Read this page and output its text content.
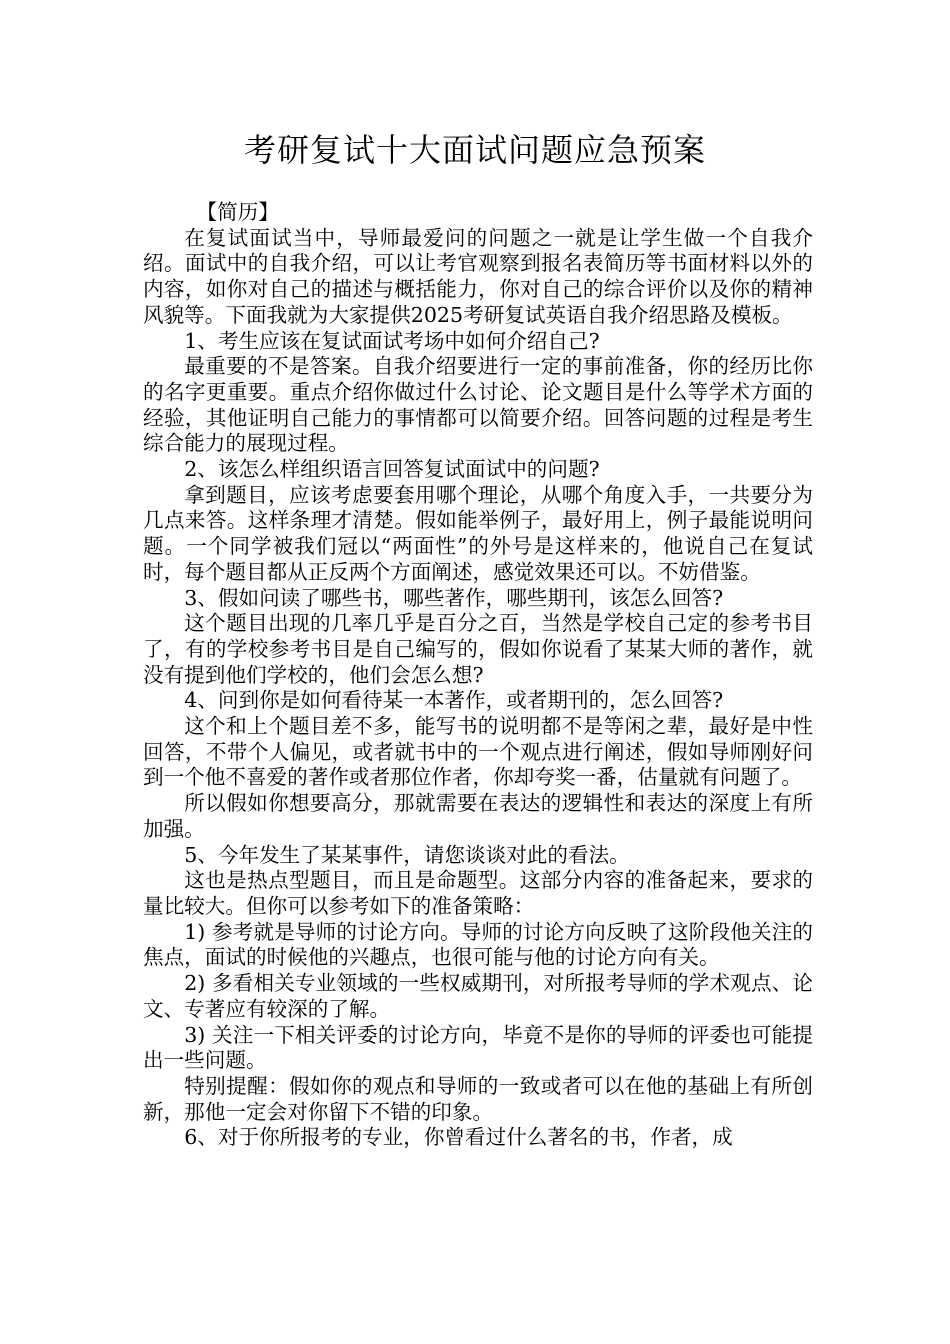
考研复试十大面试问题应急预案

【简历】

在复试面试当中，导师最爱问的问题之一就是让学生做一个自我介绍。面试中的自我介绍，可以让考官观察到报名表简历等书面材料以外的内容，如你对自己的描述与概括能力，你对自己的综合评价以及你的精神风貌等。下面我就为大家提供2025考研复试英语自我介绍思路及模板。

1、考生应该在复试面试考场中如何介绍自己?

最重要的不是答案。自我介绍要进行一定的事前准备，你的经历比你的名字更重要。重点介绍你做过什么讨论、论文题目是什么等学术方面的经验，其他证明自己能力的事情都可以简要介绍。回答问题的过程是考生综合能力的展现过程。

2、该怎么样组织语言回答复试面试中的问题?

拿到题目，应该考虑要套用哪个理论，从哪个角度入手，一共要分为几点来答。这样条理才清楚。假如能举例子，最好用上，例子最能说明问题。一个同学被我们冠以“两面性”的外号是这样来的，他说自己在复试时，每个题目都从正反两个方面阐述，感觉效果还可以。不妨借鉴。

3、假如问读了哪些书，哪些著作，哪些期刊，该怎么回答?

这个题目出现的几率几乎是百分之百，当然是学校自己定的参考书目了，有的学校参考书目是自己编写的，假如你说看了某某大师的著作，就没有提到他们学校的，他们会怎么想?

4、问到你是如何看待某一本著作，或者期刊的，怎么回答?

这个和上个题目差不多，能写书的说明都不是等闲之辈，最好是中性回答，不带个人偏见，或者就书中的一个观点进行阐述，假如导师刚好问到一个他不喜爱的著作或者那位作者，你却夸奖一番，估量就有问题了。

所以假如你想要高分，那就需要在表达的逻辑性和表达的深度上有所加强。

5、今年发生了某某事件，请您谈谈对此的看法。

这也是热点型题目，而且是命题型。这部分内容的准备起来，要求的量比较大。但你可以参考如下的准备策略：

1) 参考就是导师的讨论方向。导师的讨论方向反映了这阶段他关注的焦点，面试的时候他的兴趣点，也很可能与他的讨论方向有关。

2) 多看相关专业领域的一些权威期刊，对所报考导师的学术观点、论文、专著应有较深的了解。

3) 关注一下相关评委的讨论方向，毕竟不是你的导师的评委也可能提出一些问题。

特别提醒：假如你的观点和导师的一致或者可以在他的基础上有所创新，那他一定会对你留下不错的印象。

6、对于你所报考的专业，你曾看过什么著名的书，作者，成
